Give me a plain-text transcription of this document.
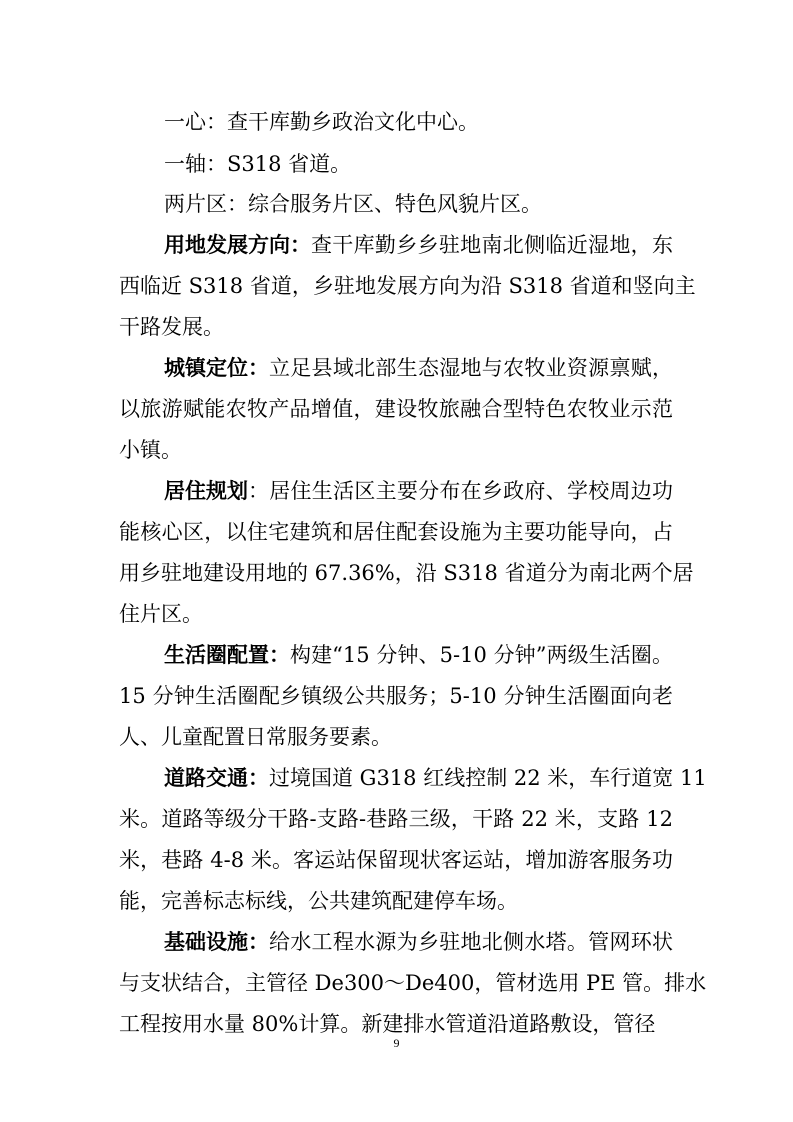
一心：查干库勤乡政治文化中心。
一轴：S318 省道。
两片区：综合服务片区、特色风貌片区。
用地发展方向： 查干库勤乡乡驻地南北侧临近湿地，东
西临近 S318 省道，乡驻地发展方向为沿 S318 省道和竖向主
干路发展。
城镇定位： 立足县域北部生态湿地与农牧业资源禀赋，
以旅游赋能农牧产品增值，建设牧旅融合型特色农牧业示范
小镇。
居住规划 ：居住生活区主要分布在乡政府、学校周边功
能核心区，以住宅建筑和居住配套设施为主要功能导向，占
用乡驻地建设用地的 67.36%，沿 S318 省道分为南北两个居
住片区。
生活圈配置： 构建“15 分钟、5-10 分钟”两级生活圈。
15 分钟生活圈配乡镇级公共服务；5-10 分钟生活圈面向老
人、儿童配置日常服务要素。
道路交通： 过境国道 G318 红线控制 22 米，车行道宽 11
米。道路等级分干路-支路-巷路三级，干路 22 米，支路 12
米，巷路 4-8 米。客运站保留现状客运站，增加游客服务功
能，完善标志标线，公共建筑配建停车场。
基础设施： 给水工程水源为乡驻地北侧水塔。管网环状
与支状结合，主管径 De300～De400，管材选用 PE 管。排水
工程按用水量 80%计算。新建排水管道沿道路敷设，管径
9
